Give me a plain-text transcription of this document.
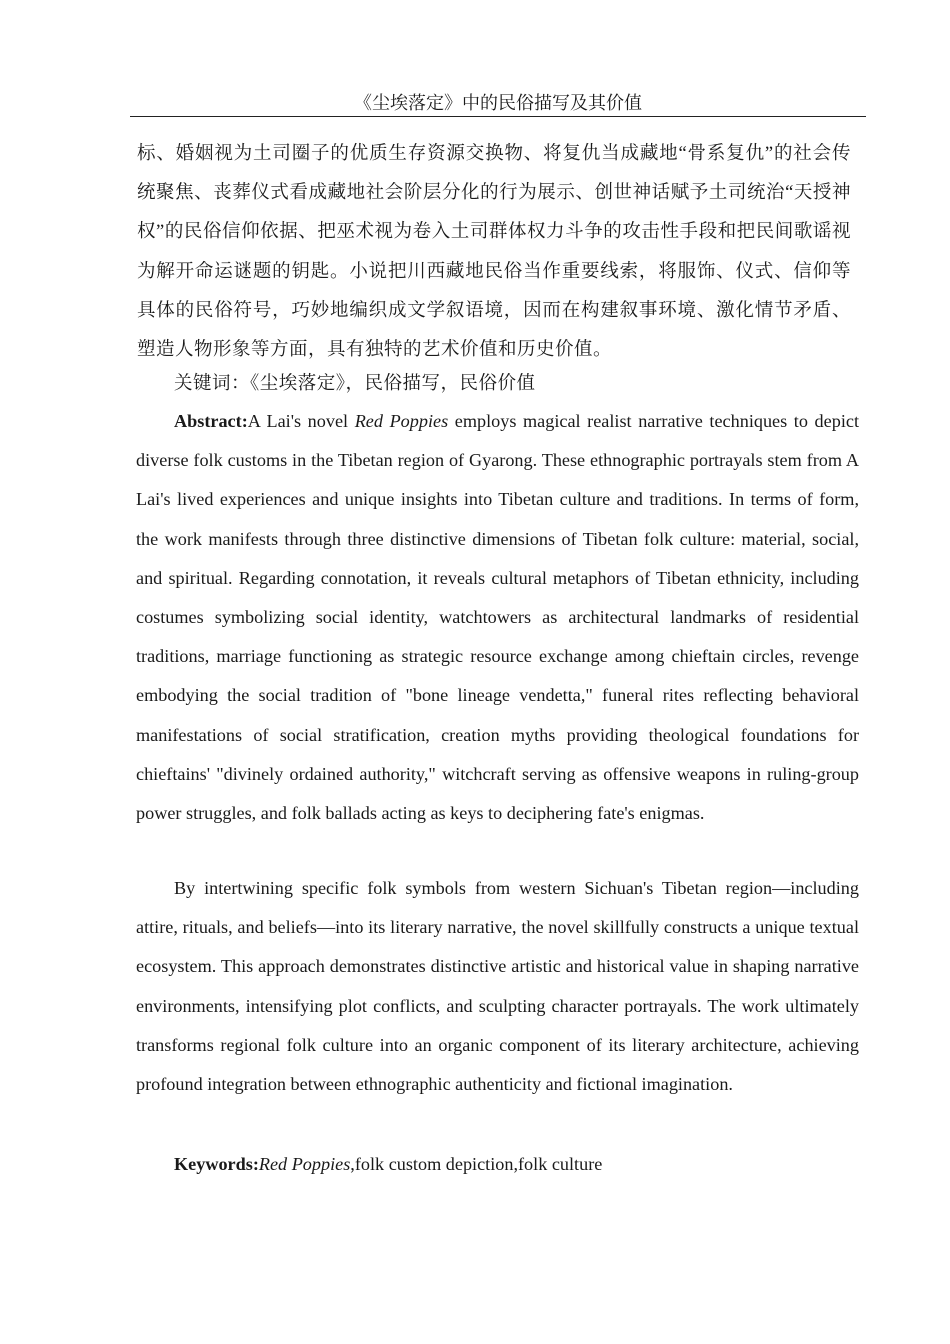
《尘埃落定》中的民俗描写及其价值
标、婚姻视为土司圈子的优质生存资源交换物、将复仇当成藏地“骨系复仇”的社会传统聚焦、丧葬仪式看成藏地社会阶层分化的行为展示、创世神话赋予土司统治“天授神权”的民俗信仰依据、把巫术视为卷入土司群体权力斗争的攻击性手段和把民间歌谣视为解开命运谜题的钥匙。小说把川西藏地民俗当作重要线索，将服饰、仪式、信仰等具体的民俗符号，巧妙地编织成文学叙语境，因而在构建叙事环境、激化情节矛盾、塑造人物形象等方面，具有独特的艺术价值和历史价值。
关键词：《尘埃落定》，民俗描写，民俗价值

Abstract:A Lai's novel Red Poppies employs magical realist narrative techniques to depict diverse folk customs in the Tibetan region of Gyarong. These ethnographic portrayals stem from A Lai's lived experiences and unique insights into Tibetan culture and traditions. In terms of form, the work manifests through three distinctive dimensions of Tibetan folk culture: material, social, and spiritual. Regarding connotation, it reveals cultural metaphors of Tibetan ethnicity, including costumes symbolizing social identity, watchtowers as architectural landmarks of residential traditions, marriage functioning as strategic resource exchange among chieftain circles, revenge embodying the social tradition of "bone lineage vendetta," funeral rites reflecting behavioral manifestations of social stratification, creation myths providing theological foundations for chieftains' "divinely ordained authority," witchcraft serving as offensive weapons in ruling-group power struggles, and folk ballads acting as keys to deciphering fate's enigmas.

By intertwining specific folk symbols from western Sichuan's Tibetan region—including attire, rituals, and beliefs—into its literary narrative, the novel skillfully constructs a unique textual ecosystem. This approach demonstrates distinctive artistic and historical value in shaping narrative environments, intensifying plot conflicts, and sculpting character portrayals. The work ultimately transforms regional folk culture into an organic component of its literary architecture, achieving profound integration between ethnographic authenticity and fictional imagination.

Keywords:Red Poppies,folk custom depiction,folk culture
